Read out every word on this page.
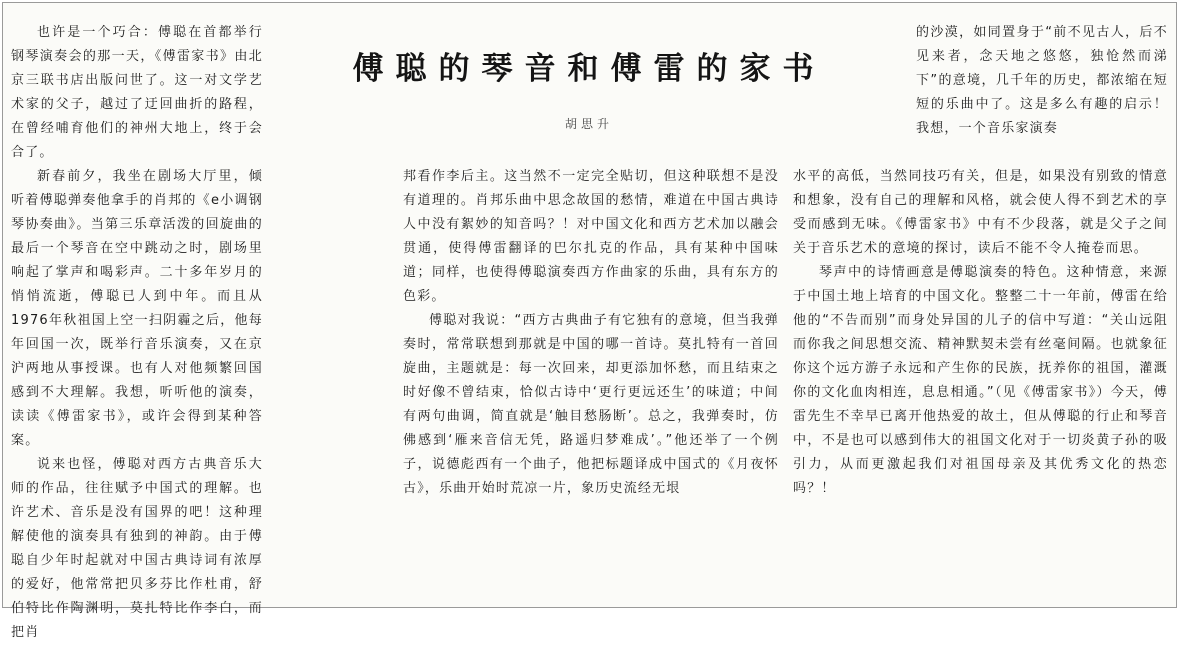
也许是一个巧合：傅聪在首都举行钢琴演奏会的那一天，《傅雷家书》由北京三联书店出版问世了。这一对文学艺术家的父子，越过了迂回曲折的路程，在曾经哺育他们的神州大地上，终于会合了。

新春前夕，我坐在剧场大厅里，倾听着傅聪弹奏他拿手的肖邦的《e小调钢琴协奏曲》。当第三乐章活泼的回旋曲的最后一个琴音在空中跳动之时，剧场里响起了掌声和喝彩声。二十多年岁月的悄悄流逝，傅聪已人到中年。而且从1976年秋祖国上空一扫阴霾之后，他每年回国一次，既举行音乐演奏，又在京沪两地从事授课。也有人对他频繁回国感到不大理解。我想，听听他的演奏，读读《傅雷家书》，或许会得到某种答案。

说来也怪，傅聪对西方古典音乐大师的作品，往往赋予中国式的理解。也许艺术、音乐是没有国界的吧！这种理解使他的演奏具有独到的神韵。由于傅聪自少年时起就对中国古典诗词有浓厚的爱好，他常常把贝多芬比作杜甫，舒伯特比作陶渊明，莫扎特比作李白，而把肖

傅聪的琴音和傅雷的家书
胡思升

邦看作李后主。这当然不一定完全贴切，但这种联想不是没有道理的。肖邦乐曲中思念故国的愁情，难道在中国古典诗人中没有絮妙的知音吗？！对中国文化和西方艺术加以融会贯通，使得傅雷翻译的巴尔扎克的作品，具有某种中国味道；同样，也使得傅聪演奏西方作曲家的乐曲，具有东方的色彩。

傅聪对我说：“西方古典曲子有它独有的意境，但当我弹奏时，常常联想到那就是中国的哪一首诗。莫扎特有一首回旋曲，主题就是：每一次回来，却更添加怀愁，而且结束之时好像不曾结束，恰似古诗中‘更行更远还生’的味道；中间有两句曲调，简直就是‘触目愁肠断’。总之，我弹奏时，仿佛感到‘雁来音信无凭，路遥归梦难成’。”他还举了一个例子，说德彪西有一个曲子，他把标题译成中国式的《月夜怀古》，乐曲开始时荒凉一片，象历史流经无垠

的沙漠，如同置身于“前不见古人，后不见来者，念天地之悠悠，独怆然而涕下”的意境，几千年的历史，都浓缩在短短的乐曲中了。这是多么有趣的启示！我想，一个音乐家演奏

水平的高低，当然同技巧有关，但是，如果没有别致的情意和想象，没有自己的理解和风格，就会使人得不到艺术的享受而感到无味。《傅雷家书》中有不少段落，就是父子之间关于音乐艺术的意境的探讨，读后不能不令人掩卷而思。

琴声中的诗情画意是傅聪演奏的特色。这种情意，来源于中国土地上培育的中国文化。整整二十一年前，傅雷在给他的“不告而别”而身处异国的儿子的信中写道：“关山远阻而你我之间思想交流、精神默契未尝有丝毫间隔。也就象征你这个远方游子永远和产生你的民族，抚养你的祖国，灌溉你的文化血肉相连，息息相通。”（见《傅雷家书》）今天，傅雷先生不幸早已离开他热爱的故土，但从傅聪的行止和琴音中，不是也可以感到伟大的祖国文化对于一切炎黄子孙的吸引力，从而更激起我们对祖国母亲及其优秀文化的热恋吗？！
